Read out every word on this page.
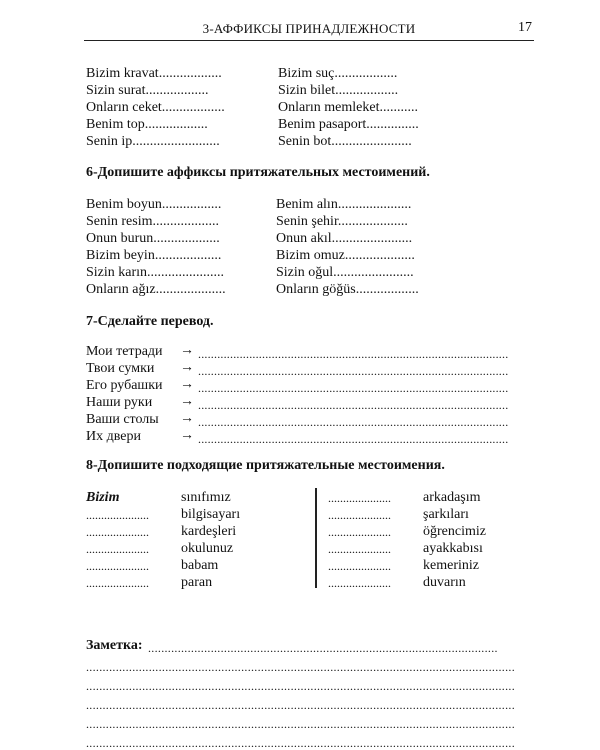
3-АФФИКСЫ ПРИНАДЛЕЖНОСТИ	17
Bizim kravat..................
Sizin surat..................
Onların ceket..................
Benim top..................
Senin ip.........................
Bizim suç..................
Sizin bilet..................
Onların memleket...........
Benim pasaport...............
Senin bot.......................
6-Допишите аффиксы притяжательных местоимений.
Benim boyun.................
Senin resim...................
Onun burun...................
Bizim beyin...................
Sizin karın......................
Onların ağız....................
Benim alın.....................
Senin şehir....................
Onun akıl.......................
Bizim omuz....................
Sizin oğul.......................
Onların göğüs..................
7-Сделайте перевод.
Мои тетради
Твои сумки
Его рубашки
Наши руки
Ваши столы
Их двери
→
→
→
→
→
→
.................................................................................................
.................................................................................................
.................................................................................................
.................................................................................................
.................................................................................................
.................................................................................................
8-Допишите подходящие притяжательные местоимения.
Bizim
.....................
.....................
.....................
.....................
.....................
sınıfımız
bilgisayarı
kardeşleri
okulunuz
babam
paran
.....................
.....................
.....................
.....................
.....................
.....................
arkadaşım
şarkıları
öğrencimiz
ayakkabısı
kemeriniz
duvarın
Заметка: ..........................................................................................................
..................................................................................................................................
..................................................................................................................................
..................................................................................................................................
..................................................................................................................................
..................................................................................................................................
